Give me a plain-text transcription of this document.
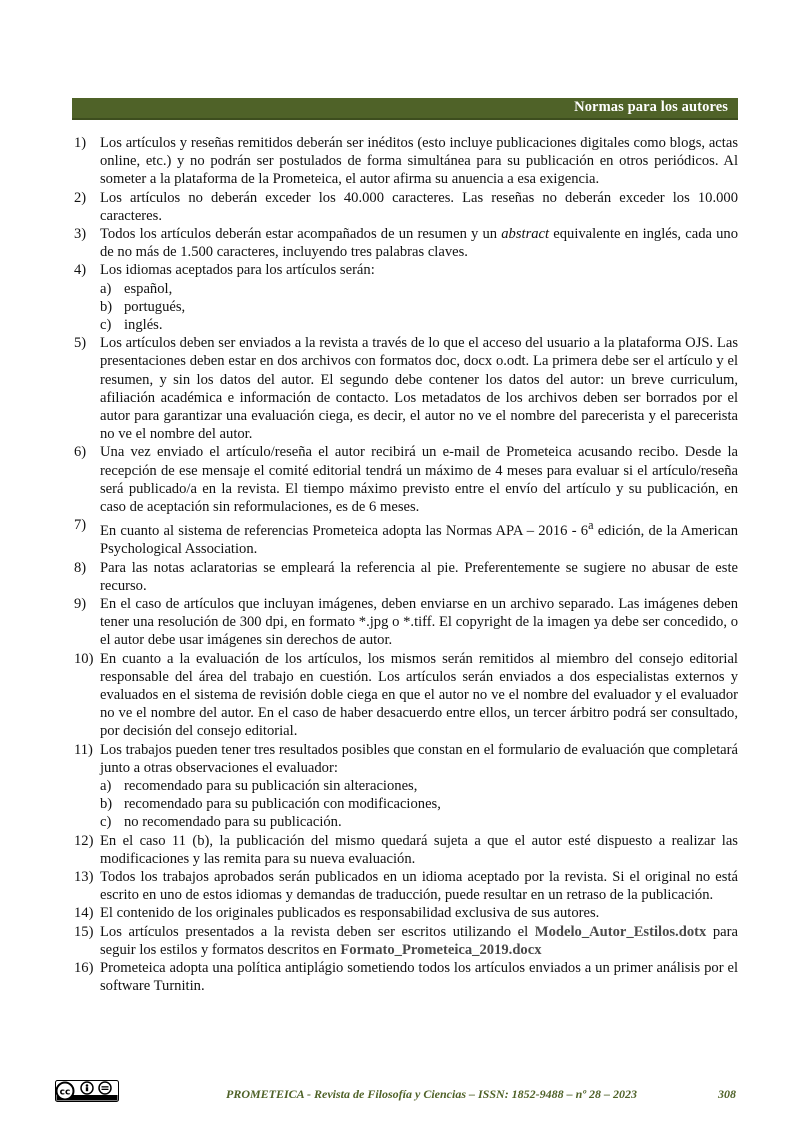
Normas para los autores
1) Los artículos y reseñas remitidos deberán ser inéditos (esto incluye publicaciones digitales como blogs, actas online, etc.) y no podrán ser postulados de forma simultánea para su publicación en otros periódicos. Al someter a la plataforma de la Prometeica, el autor afirma su anuencia a esa exigencia.
2) Los artículos no deberán exceder los 40.000 caracteres. Las reseñas no deberán exceder los 10.000 caracteres.
3) Todos los artículos deberán estar acompañados de un resumen y un abstract equivalente en inglés, cada uno de no más de 1.500 caracteres, incluyendo tres palabras claves.
4) Los idiomas aceptados para los artículos serán:
a) español,
b) portugués,
c) inglés.
5) Los artículos deben ser enviados a la revista a través de lo que el acceso del usuario a la plataforma OJS. Las presentaciones deben estar en dos archivos con formatos doc, docx o.odt. La primera debe ser el artículo y el resumen, y sin los datos del autor. El segundo debe contener los datos del autor: un breve curriculum, afiliación académica e información de contacto. Los metadatos de los archivos deben ser borrados por el autor para garantizar una evaluación ciega, es decir, el autor no ve el nombre del parecerista y el parecerista no ve el nombre del autor.
6) Una vez enviado el artículo/reseña el autor recibirá un e-mail de Prometeica acusando recibo. Desde la recepción de ese mensaje el comité editorial tendrá un máximo de 4 meses para evaluar si el artículo/reseña será publicado/a en la revista. El tiempo máximo previsto entre el envío del artículo y su publicación, en caso de aceptación sin reformulaciones, es de 6 meses.
7) En cuanto al sistema de referencias Prometeica adopta las Normas APA – 2016 - 6$^a$ edición, de la American Psychological Association.
8) Para las notas aclaratorias se empleará la referencia al pie. Preferentemente se sugiere no abusar de este recurso.
9) En el caso de artículos que incluyan imágenes, deben enviarse en un archivo separado. Las imágenes deben tener una resolución de 300 dpi, en formato *.jpg o *.tiff. El copyright de la imagen ya debe ser concedido, o el autor debe usar imágenes sin derechos de autor.
10) En cuanto a la evaluación de los artículos, los mismos serán remitidos al miembro del consejo editorial responsable del área del trabajo en cuestión. Los artículos serán enviados a dos especialistas externos y evaluados en el sistema de revisión doble ciega en que el autor no ve el nombre del evaluador y el evaluador no ve el nombre del autor. En el caso de haber desacuerdo entre ellos, un tercer árbitro podrá ser consultado, por decisión del consejo editorial.
11) Los trabajos pueden tener tres resultados posibles que constan en el formulario de evaluación que completará junto a otras observaciones el evaluador:
a) recomendado para su publicación sin alteraciones,
b) recomendado para su publicación con modificaciones,
c) no recomendado para su publicación.
12) En el caso 11 (b), la publicación del mismo quedará sujeta a que el autor esté dispuesto a realizar las modificaciones y las remita para su nueva evaluación.
13) Todos los trabajos aprobados serán publicados en un idioma aceptado por la revista. Si el original no está escrito en uno de estos idiomas y demandas de traducción, puede resultar en un retraso de la publicación.
14) El contenido de los originales publicados es responsabilidad exclusiva de sus autores.
15) Los artículos presentados a la revista deben ser escritos utilizando el Modelo_Autor_Estilos.dotx para seguir los estilos y formatos descritos en Formato_Prometeica_2019.docx
16) Prometeica adopta una política antiplágio sometiendo todos los artículos enviados a un primer análisis por el software Turnitin.
cc	PROMETEICA - Revista de Filosofía y Ciencias – ISSN: 1852-9488 – nº 28 – 2023	308
